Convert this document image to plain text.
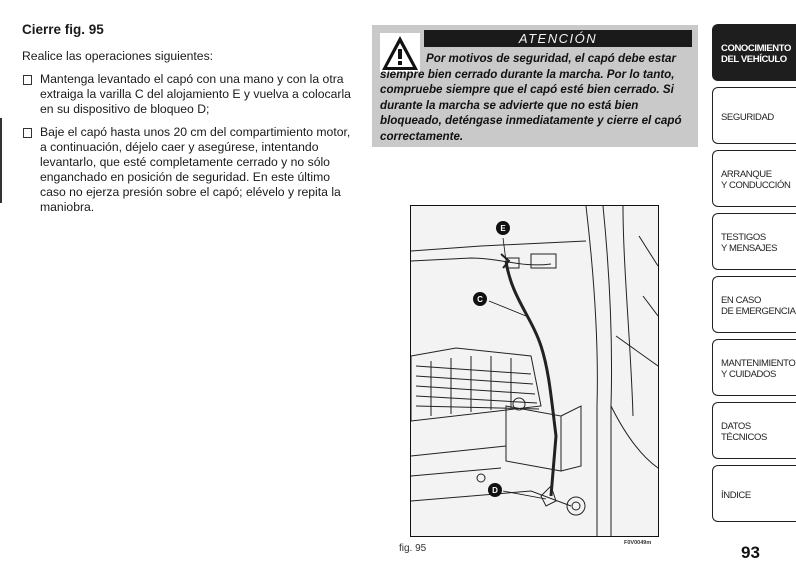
Cierre fig. 95

Realice las operaciones siguientes:

Mantenga levantado el capó con una mano y con la otra extraiga la varilla C del alojamiento E y vuelva a colocarla en su dispositivo de bloqueo D;
Baje el capó hasta unos 20 cm del compartimiento motor, a continuación, déjelo caer y asegúrese, intentando levantarlo, que esté completamente cerrado y no sólo enganchado en posición de seguridad. En este último caso no ejerza presión sobre el capó; elévelo y repita la maniobra.
ATENCIÓN

Por motivos de seguridad, el capó debe estar siempre bien cerrado durante la marcha. Por lo tanto, compruebe siempre que el capó esté bien cerrado. Si durante la marcha se advierte que no está bien bloqueado, deténgase inmediatamente y cierre el capó correctamente.

E
C
D
fig. 95	F0V0049m
CONOCIMIENTO
DEL VEHÍCULO
SEGURIDAD
ARRANQUE
Y CONDUCCIÓN
TESTIGOS
Y MENSAJES
EN CASO
DE EMERGENCIA
MANTENIMIENTO
Y CUIDADOS
DATOS TÉCNICOS
ÍNDICE
93
